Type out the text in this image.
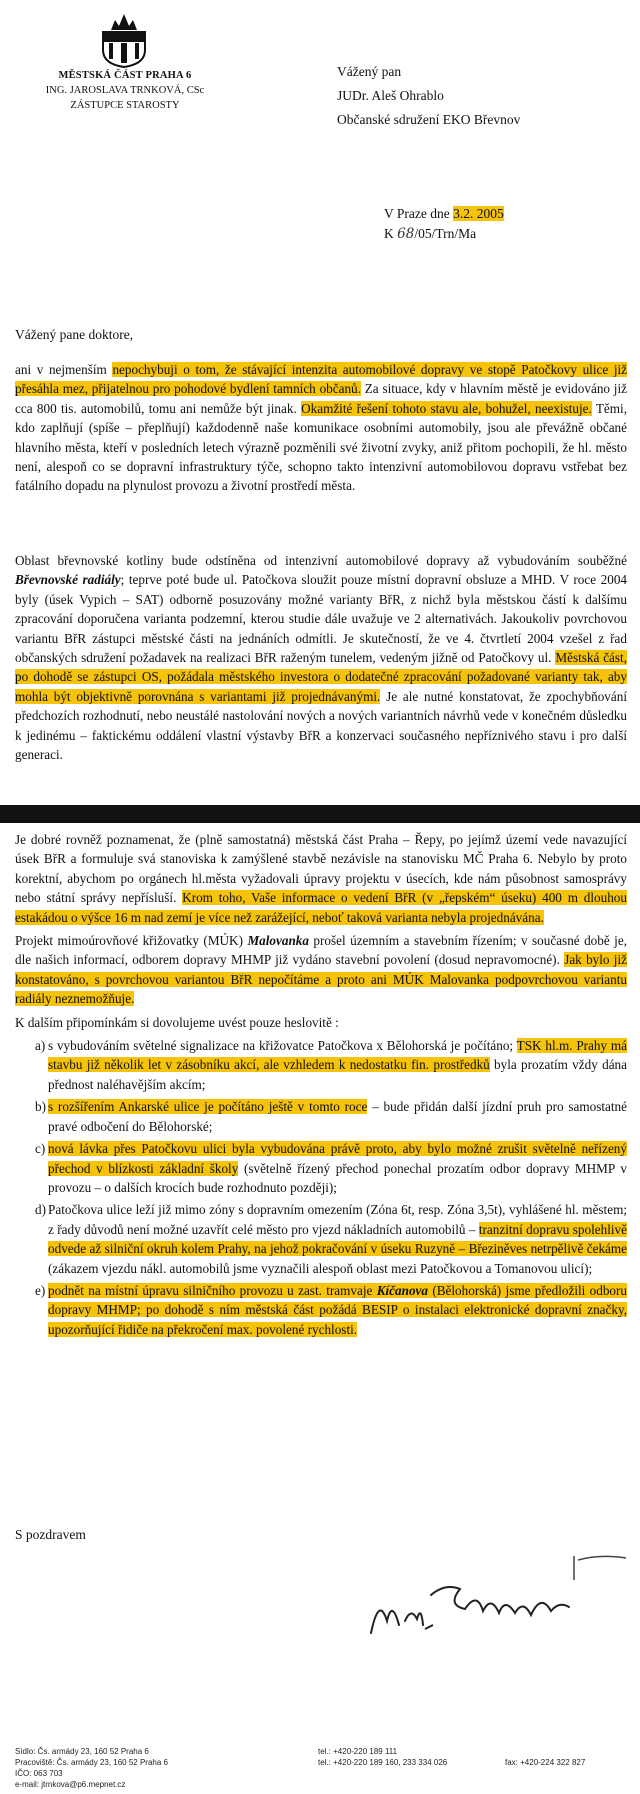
MĚSTSKÁ ČÁST PRAHA 6
ING. JAROSLAVA TRNKOVÁ, CSc
ZÁSTUPCE STAROSTY
Vážený pan
JUDr. Aleš Ohrablo
Občanské sdružení EKO Břevnov
V Praze dne 3.2. 2005
K 68/05/Trn/Ma
Vážený pane doktore,

ani v nejmenším nepochybuji o tom, že stávající intenzita automobilové dopravy ve stopě Patočkovy ulice již přesáhla mez, přijatelnou pro pohodové bydlení tamních občanů. Za situace, kdy v hlavním městě je evidováno již cca 800 tis. automobilů, tomu ani nemůže být jinak. Okamžité řešení tohoto stavu ale, bohužel, neexistuje. Těmi, kdo zaplňují (spíše – přeplňují) každodenně naše komunikace osobními automobily, jsou ale převážně občané hlavního města, kteří v posledních letech výrazně pozměnili své životní zvyky, aniž přitom pochopili, že hl. město není, alespoň co se dopravní infrastruktury týče, schopno takto intenzivní automobilovou dopravu vstřebat bez fatálního dopadu na plynulost provozu a životní prostředí města.

Oblast břevnovské kotliny bude odstíněna od intenzivní automobilové dopravy až vybudováním souběžné Břevnovské radiály; teprve poté bude ul. Patočkova sloužit pouze místní dopravní obsluze a MHD. V roce 2004 byly (úsek Vypich – SAT) odborně posuzovány možné varianty BřR, z nichž byla městskou částí k dalšímu zpracování doporučena varianta podzemní, kterou studie dále uvažuje ve 2 alternativách. Jakoukoliv povrchovou variantu BřR zástupci městské části na jednáních odmítli. Je skutečností, že ve 4. čtvrtletí 2004 vzešel z řad občanských sdružení požadavek na realizaci BřR raženým tunelem, vedeným jižně od Patočkovy ul. Městská část, po dohodě se zástupci OS, požádala městského investora o dodatečné zpracování požadované varianty tak, aby mohla být objektivně porovnána s variantami již projednávanými. Je ale nutné konstatovat, že zpochybňování předchozích rozhodnutí, nebo neustálé nastolování nových a nových variantních návrhů vede v konečném důsledku k jedinému – faktickému oddálení vlastní výstavby BřR a konzervaci současného nepříznivého stavu i pro další generaci.

Je dobré rovněž poznamenat, že (plně samostatná) městská část Praha – Řepy, po jejímž území vede navazující úsek BřR a formuluje svá stanoviska k zamýšlené stavbě nezávisle na stanovisku MČ Praha 6. Nebylo by proto korektní, abychom po orgánech hl.města vyžadovali úpravy projektu v úsecích, kde nám působnost samosprávy nebo státní správy nepřísluší. Krom toho, Vaše informace o vedení BřR (v „řepském“ úseku) 400 m dlouhou estakádou o výšce 16 m nad zemí je více než zarážející, neboť taková varianta nebyla projednávána.

Projekt mimoúrovňové křižovatky (MÚK) Malovanka prošel územním a stavebním řízením; v současné době je, dle našich informací, odborem dopravy MHMP již vydáno stavební povolení (dosud nepravomocné). Jak bylo již konstatováno, s povrchovou variantou BřR nepočítáme a proto ani MÚK Malovanka podpovrchovou variantu radiály neznemožňuje.

K dalším připomínkám si dovolujeme uvést pouze heslovitě :

a) s vybudováním světelné signalizace na křižovatce Patočkova x Bělohorská je počítáno; TSK hl.m. Prahy má stavbu již několik let v zásobníku akcí, ale vzhledem k nedostatku fin. prostředků byla prozatím vždy dána přednost naléhavějším akcím;
b) s rozšířením Ankarské ulice je počítáno ještě v tomto roce – bude přidán další jízdní pruh pro samostatné pravé odbočení do Bělohorské;
c) nová lávka přes Patočkovu ulici byla vybudována právě proto, aby bylo možné zrušit světelně neřízený přechod v blízkosti základní školy (světelně řízený přechod ponechal prozatím odbor dopravy MHMP v provozu – o dalších krocích bude rozhodnuto později);
d) Patočkova ulice leží již mimo zóny s dopravním omezením (Zóna 6t, resp. Zóna 3,5t), vyhlášené hl. městem; z řady důvodů není možné uzavřít celé město pro vjezd nákladních automobilů – tranzitní dopravu spolehlivě odvede až silniční okruh kolem Prahy, na jehož pokračování v úseku Ruzyně – Březiněves netrpělivě čekáme (zákazem vjezdu nákl. automobilů jsme vyznačili alespoň oblast mezi Patočkovou a Tomanovou ulicí);
e) podnět na místní úpravu silničního provozu u zast. tramvaje Kíčanova (Bělohorská) jsme předložili odboru dopravy MHMP; po dohodě s ním městská část požádá BESIP o instalaci elektronické dopravní značky, upozorňující řidiče na překročení max. povolené rychlosti.
S pozdravem
Sídlo: Čs. armády 23, 160 52 Praha 6
Pracoviště: Čs. armády 23, 160 52 Praha 6
IČO: 063 703
e-mail: jtrnkova@p6.mepnet.cz
tel.: +420-220 189 111
tel.: +420-220 189 160, 233 334 026	fax: +420-224 322 827
